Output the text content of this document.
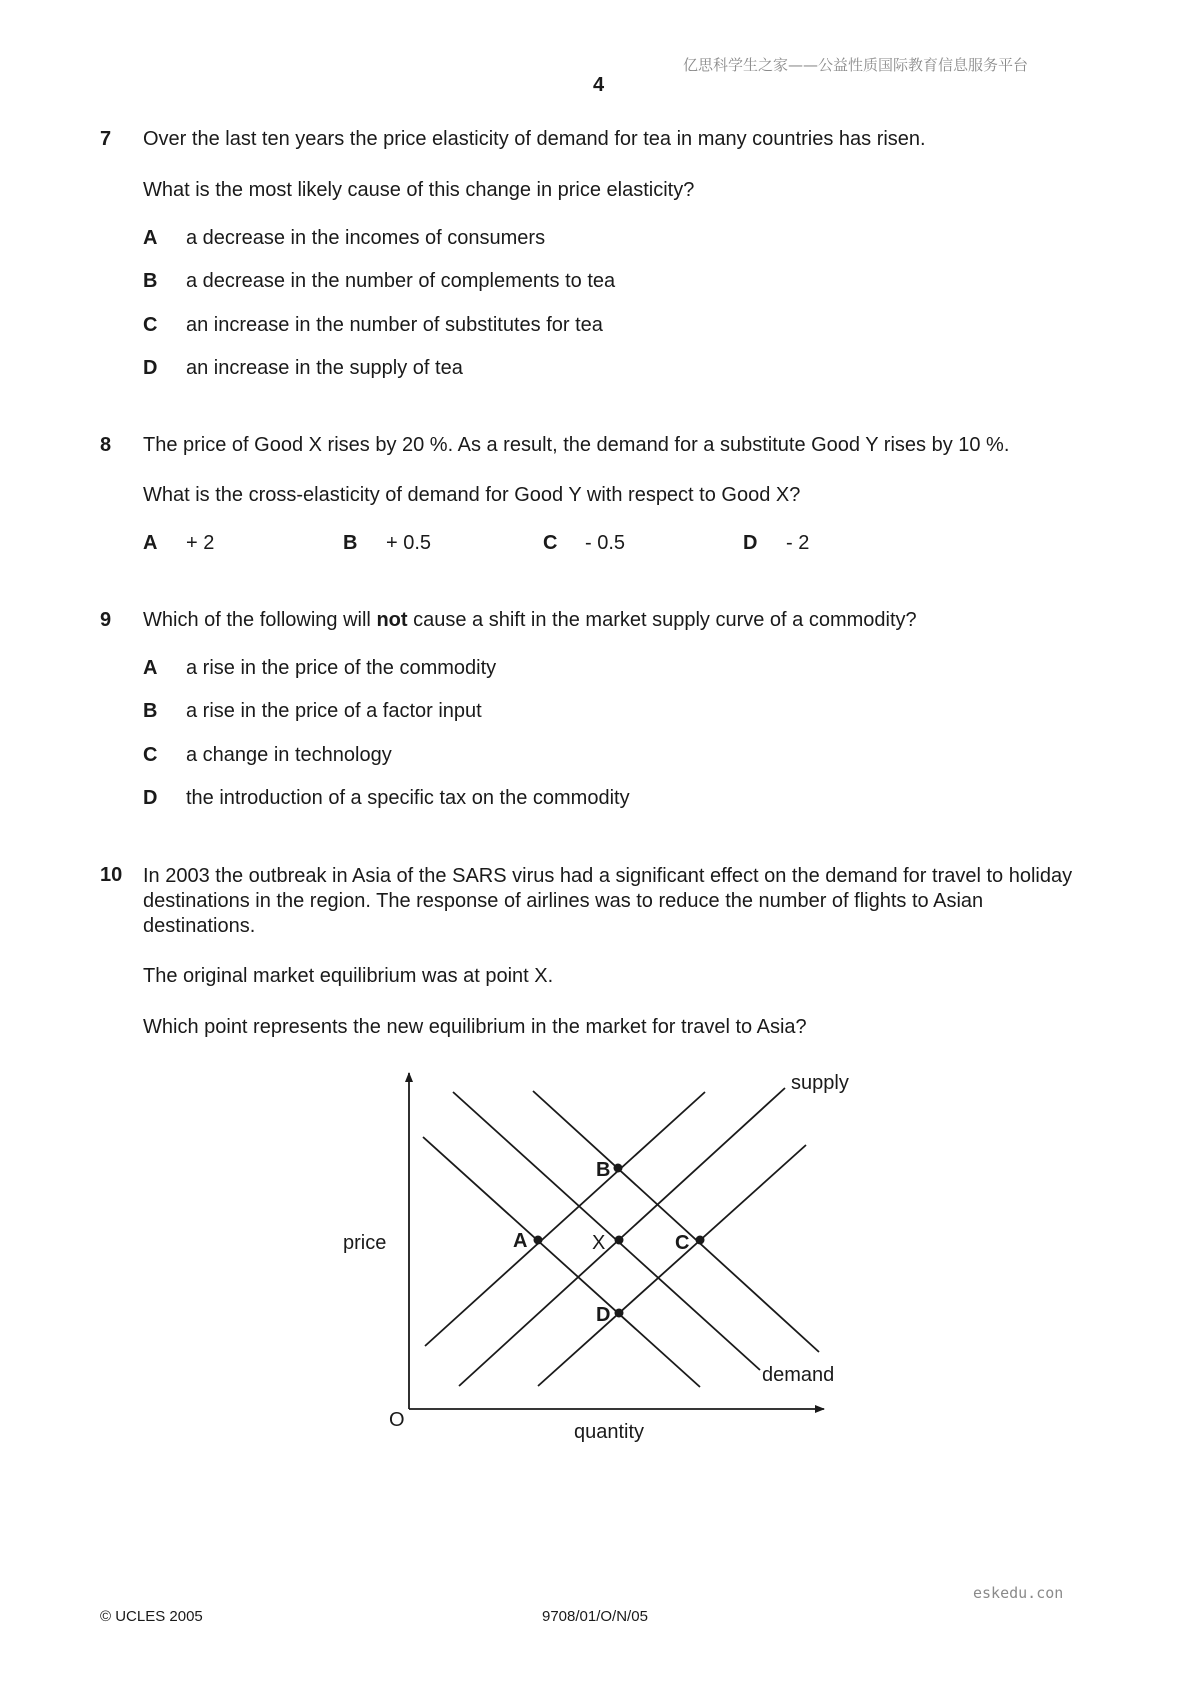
亿思科学生之家——公益性质国际教育信息服务平台
4
7 Over the last ten years the price elasticity of demand for tea in many countries has risen.
What is the most likely cause of this change in price elasticity?
A a decrease in the incomes of consumers
B a decrease in the number of complements to tea
C an increase in the number of substitutes for tea
D an increase in the supply of tea
8 The price of Good X rises by 20 %. As a result, the demand for a substitute Good Y rises by 10 %.
What is the cross-elasticity of demand for Good Y with respect to Good X?
A + 2	B + 0.5	C - 0.5	D - 2
9 Which of the following will not cause a shift in the market supply curve of a commodity?
A a rise in the price of the commodity
B a rise in the price of a factor input
C a change in technology
D the introduction of a specific tax on the commodity
10 In 2003 the outbreak in Asia of the SARS virus had a significant effect on the demand for travel to holiday destinations in the region. The response of airlines was to reduce the number of flights to Asian destinations.
The original market equilibrium was at point X.
Which point represents the new equilibrium in the market for travel to Asia?
B
A	X	C
D
supply
demand
price
O
quantity
eskedu.con
© UCLES 2005	9708/01/O/N/05
